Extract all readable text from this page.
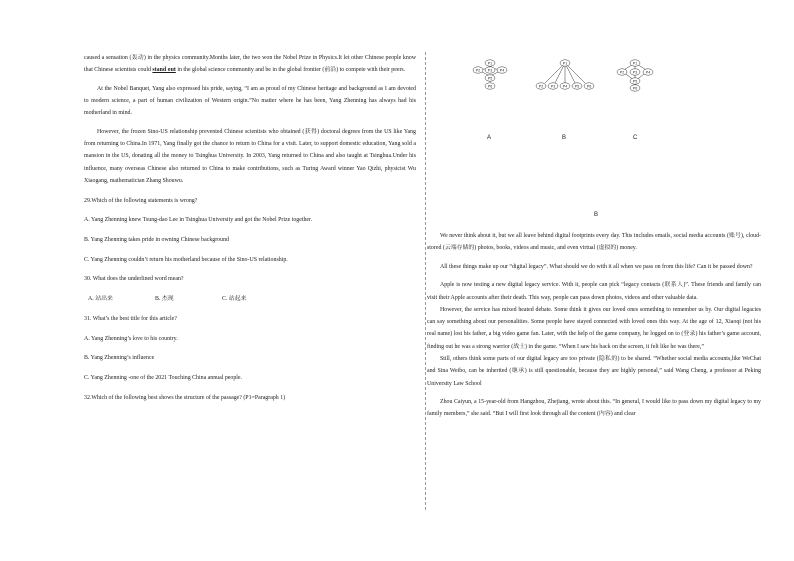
caused a sensation (轰动) in the physics community.Months later, the two won the Nobel Prize in Physics.It let other Chinese people know that Chinese scientists could stand out in the global science community and be in the global frontier (前沿) to compete with their peers.

At the Nobel Banquet, Yang also expressed his pride, saying, “I am as proud of my Chinese heritage and background as I am devoted to modern science, a part of human civilization of Western origin.”No matter where he has been, Yang Zhenning has always had his motherland in mind.

However, the frozen Sino-US relationship prevented Chinese scientists who obtained (获得) doctoral degrees from the US like Yang from returning to China.In 1971, Yang finally got the chance to return to China for a visit. Later, to support domestic education, Yang sold a mansion in the US, donating all the money to Tsinghua University. In 2003, Yang returned to China and also taught at Tsinghua.Under his influence, many overseas Chinese also returned to China to make contributions, such as Turing Award winner Yao Qizhi, physicist Wu Xiaogang, mathematician Zhang Shouwu.

29.Which of the following statements is wrong?

A. Yang Zhenning knew Tsung-dao Lee in Tsinghua University and got the Nobel Prize together.

B. Yang Zhenning takes pride in owning Chinese background

C. Yang Zhenning couldn’t return his motherland because of the Sino-US relationship.

30. What does the underlined word mean?

A. 站出来	B. 杰现	C. 站起来

31. What’s the best title for this article?

A. Yang Zhenning’s love to his country.

B. Yang Zhenning’s influence

C. Yang Zhenning -one of the 2021 Touching China annual people.

32.Which of the following best shows the structure of the passage? (P1=Paragraph 1)

P1
P2 P3 P4
P5
P6
P1
P2 P3 P4 P5 P6
P1
P2 P3 P4
P5
P6
A	B	C
B

We never think about it, but we all leave behind digital footprints every day. This includes emails, social media accounts (账号), cloud-stored (云端存储的) photos, books, videos and music, and even virtual (虚拟的) money.

All these things make up our “digital legacy”. What should we do with it all when we pass on from this life? Can it be passed down?

Apple is now testing a new digital legacy service. With it, people can pick “legacy contacts (联系人)”. These friends and family can visit their Apple accounts after their death. This way, people can pass down photos, videos and other valuable data.

However, the service has mixed heated debate. Some think it gives our loved ones something to remember us by. Our digital legacies can say something about our personalities. Some people have stayed connected with loved ones this way. At the age of 12, Xiaoqi (not his real name) lost his father, a big video game fan. Later, with the help of the game company, he logged on to (登录) his father’s game account, finding out he was a strong warrior (战士) in the game. “When I saw his back on the screen, it felt like he was there,”

Still, others think some parts of our digital legacy are too private (隐私的) to be shared. “Whether social media accounts,like WeChat and Sina Weibo, can be inherited (继承) is still questionable, because they are highly personal,” said Wang Cheng, a professor at Peking University Law School

Zhou Caiyun, a 15-year-old from Hangzhou, Zhejiang, wrote about this. “In general, I would like to pass down my digital legacy to my family members,” she said. “But I will first look through all the content (内容) and clear
